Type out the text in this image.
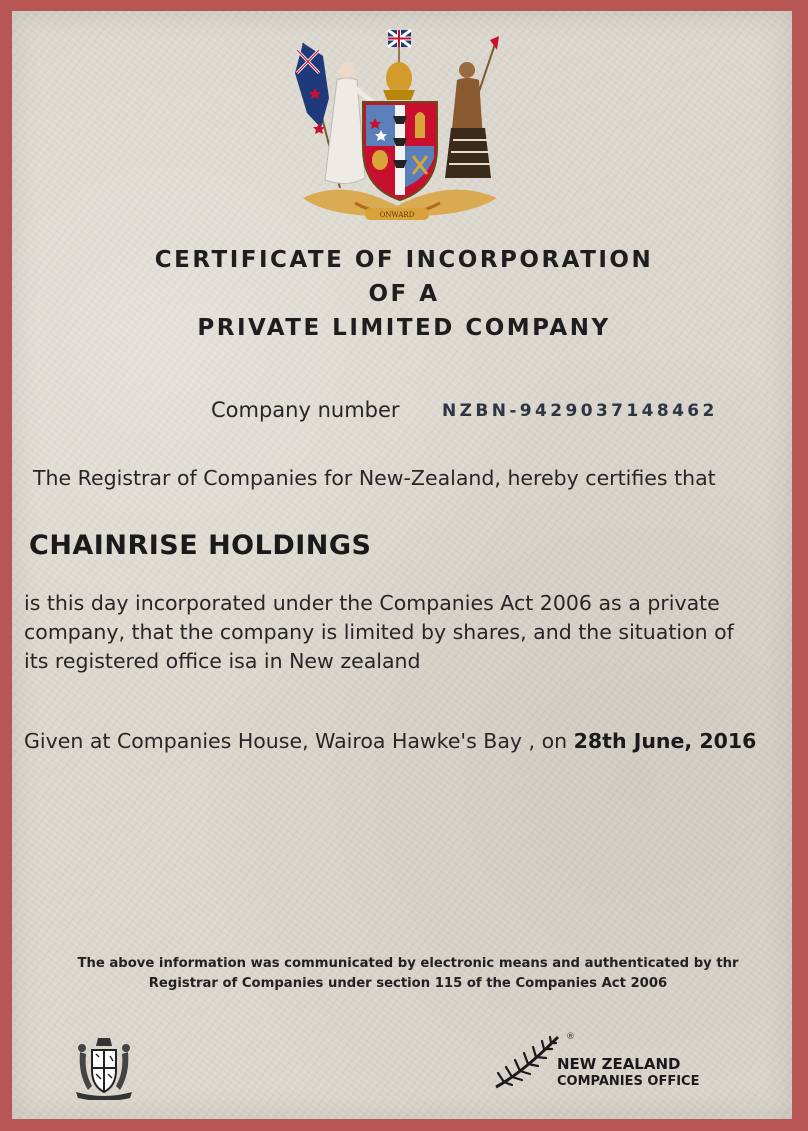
ONWARD
CERTIFICATE OF INCORPORATION
OF A
PRIVATE LIMITED COMPANY
Company number NZBN-9429037148462
The Registrar of Companies for New-Zealand, hereby certifies that
CHAINRISE HOLDINGS
is this day incorporated under the Companies Act 2006 as a private
company, that the company is limited by shares, and the situation of
its registered office isa in New zealand
Given at Companies House, Wairoa Hawke's Bay , on 28th June, 2016
The above information was communicated by electronic means and authenticated by thr
Registrar of Companies under section 115 of the Companies Act 2006
®
NEW ZEALAND
COMPANIES OFFICE
